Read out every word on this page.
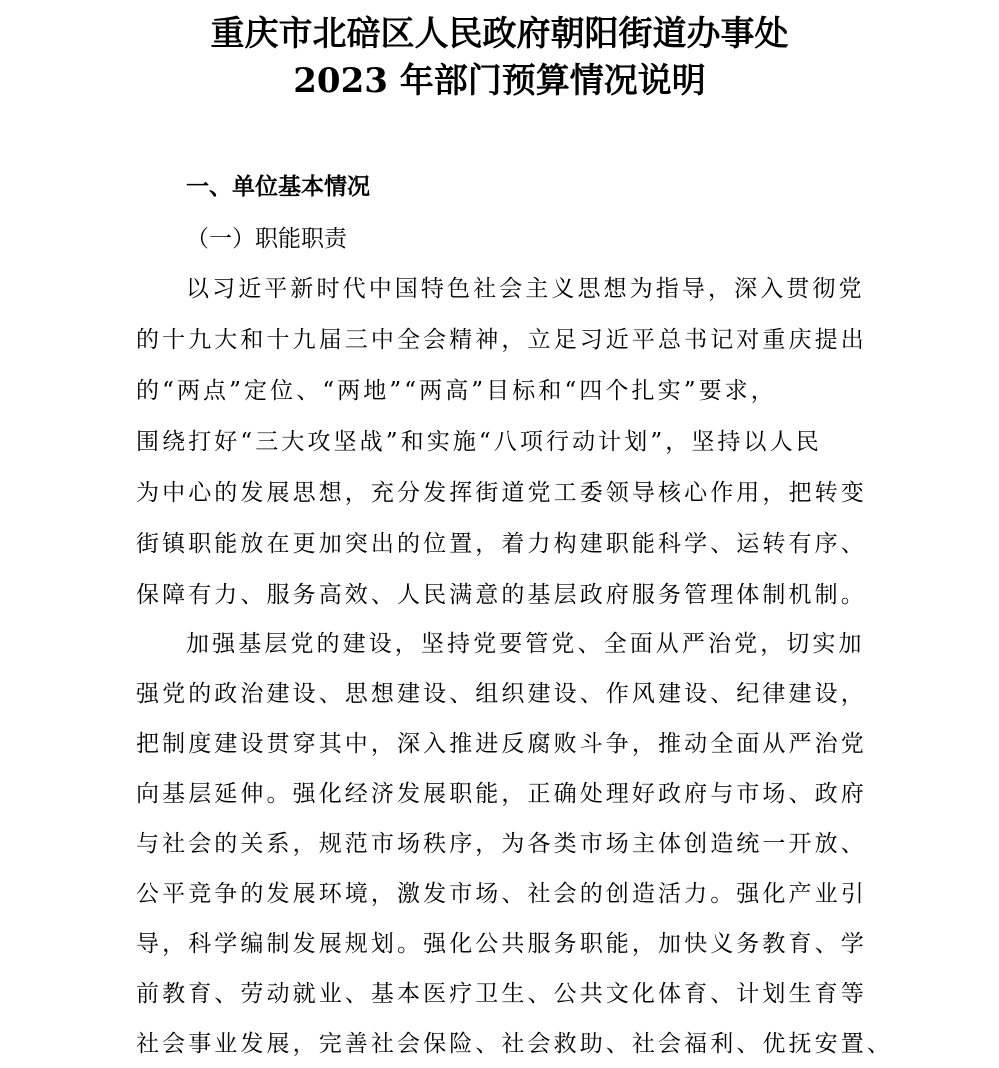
重庆市北碚区人民政府朝阳街道办事处
2023 年部门预算情况说明
一、单位基本情况
（一）职能职责
以习近平新时代中国特色社会主义思想为指导，深入贯彻党
的十九大和十九届三中全会精神，立足习近平总书记对重庆提出
的“两点”定位、“两地”“两高”目标和“四个扎实”要求，
围绕打好“三大攻坚战”和实施“八项行动计划”，坚持以人民
为中心的发展思想，充分发挥街道党工委领导核心作用，把转变
街镇职能放在更加突出的位置，着力构建职能科学、运转有序、
保障有力、服务高效、人民满意的基层政府服务管理体制机制。
加强基层党的建设，坚持党要管党、全面从严治党，切实加
强党的政治建设、思想建设、组织建设、作风建设、纪律建设，
把制度建设贯穿其中，深入推进反腐败斗争，推动全面从严治党
向基层延伸。强化经济发展职能，正确处理好政府与市场、政府
与社会的关系，规范市场秩序，为各类市场主体创造统一开放、
公平竞争的发展环境，激发市场、社会的创造活力。强化产业引
导，科学编制发展规划。强化公共服务职能，加快义务教育、学
前教育、劳动就业、基本医疗卫生、公共文化体育、计划生育等
社会事业发展，完善社会保险、社会救助、社会福利、优抚安置、
